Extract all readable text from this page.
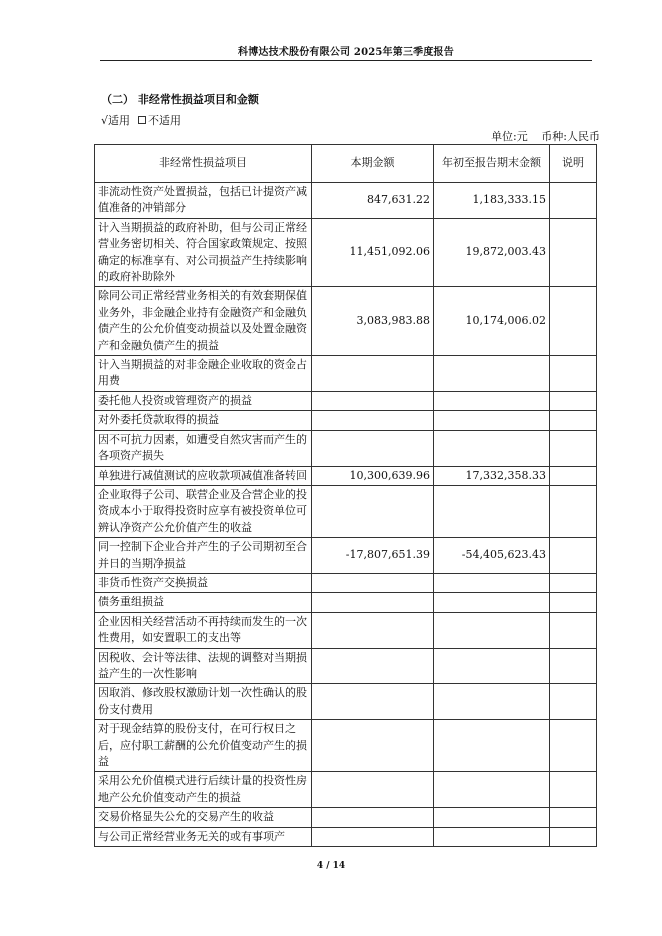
科博达技术股份有限公司 2025年第三季度报告
（二） 非经常性损益项目和金额
√ 适用 不适用
单位:元 币种:人民币
非经常性损益项目	本期金额	年初至报告期末金额	说明
非流动性资产处置损益，包括已计提资产减值准备的冲销部分	847,631.22	1,183,333.15	
计入当期损益的政府补助，但与公司正常经营业务密切相关、符合国家政策规定、按照确定的标准享有、对公司损益产生持续影响的政府补助除外	11,451,092.06	19,872,003.43	
除同公司正常经营业务相关的有效套期保值业务外，非金融企业持有金融资产和金融负债产生的公允价值变动损益以及处置金融资产和金融负债产生的损益	3,083,983.88	10,174,006.02	
计入当期损益的对非金融企业收取的资金占用费			
委托他人投资或管理资产的损益			
对外委托贷款取得的损益			
因不可抗力因素，如遭受自然灾害而产生的各项资产损失			
单独进行减值测试的应收款项减值准备转回	10,300,639.96	17,332,358.33	
企业取得子公司、联营企业及合营企业的投资成本小于取得投资时应享有被投资单位可辨认净资产公允价值产生的收益			
同一控制下企业合并产生的子公司期初至合并日的当期净损益	-17,807,651.39	-54,405,623.43	
非货币性资产交换损益			
债务重组损益			
企业因相关经营活动不再持续而发生的一次性费用，如安置职工的支出等			
因税收、会计等法律、法规的调整对当期损益产生的一次性影响			
因取消、修改股权激励计划一次性确认的股份支付费用			
对于现金结算的股份支付，在可行权日之后，应付职工薪酬的公允价值变动产生的损益			
采用公允价值模式进行后续计量的投资性房地产公允价值变动产生的损益			
交易价格显失公允的交易产生的收益			
与公司正常经营业务无关的或有事项产			
4 / 14
